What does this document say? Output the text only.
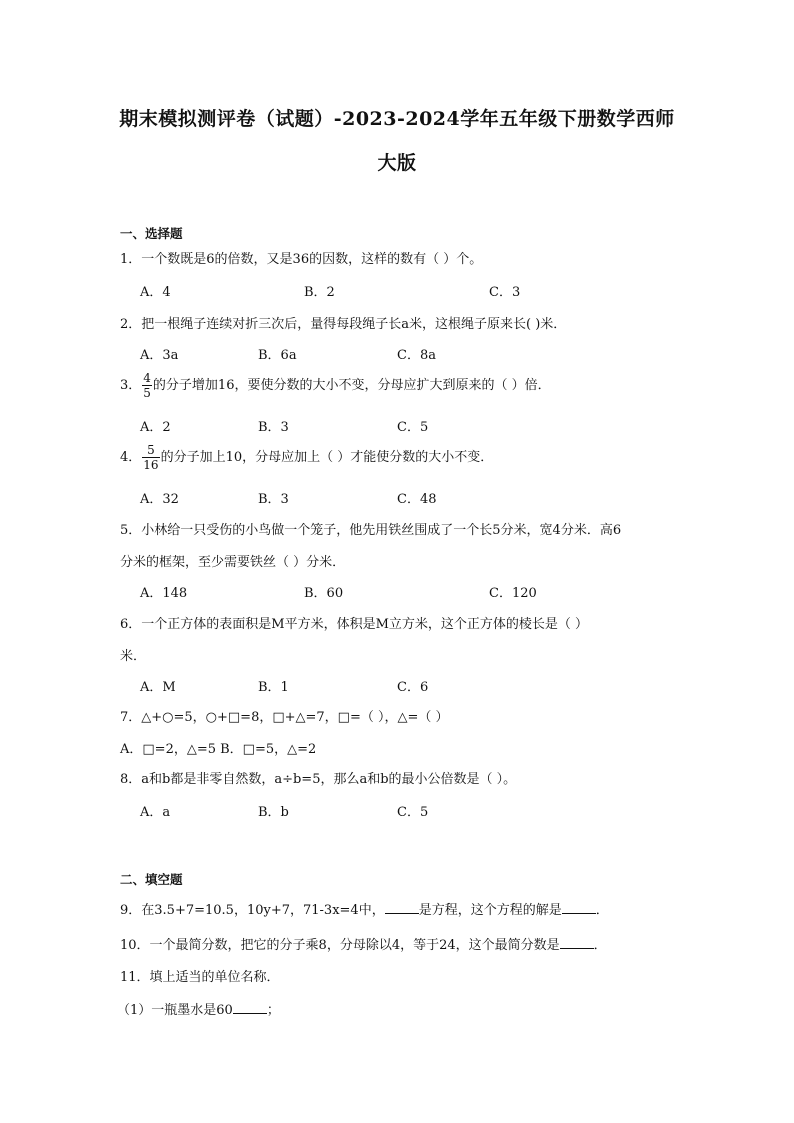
期末模拟测评卷（试题）-2023-2024学年五年级下册数学西师
大版
一、选择题
1．一个数既是6的倍数，又是36的因数，这样的数有（ ）个。
A．4	B．2	C．3
2．把一根绳子连续对折三次后，量得每段绳子长a米，这根绳子原来长( )米．
A．3a	B．6a	C．8a
3． $\frac{4}{5}$ 的分子增加16，要使分数的大小不变，分母应扩大到原来的（ ）倍．
A．2	B．3	C．5
4． $\frac{5}{16}$ 的分子加上10，分母应加上（ ）才能使分数的大小不变．
A．32	B．3	C．48
5．小林给一只受伤的小鸟做一个笼子，他先用铁丝围成了一个长5分米，宽4分米．高6
分米的框架，至少需要铁丝（ ）分米．
A．148	B．60	C．120
6．一个正方体的表面积是M平方米，体积是M立方米，这个正方体的棱长是（ ）
米．
A．M	B．1	C．6
7．△+○=5，○+□=8，□+△=7，□=（ ），△=（ ）
A．□=2，△=5 B．□=5，△=2
8．a和b都是非零自然数，a÷b=5，那么a和b的最小公倍数是（ ）。
A．a	B．b	C．5
二、填空题
9．在3.5+7=10.5，10y+7，71-3x=4中，	是方程，这个方程的解是	．
10．一个最简分数，把它的分子乘8，分母除以4，等于24，这个最简分数是	．
11．填上适当的单位名称．
（1）一瓶墨水是60	；
